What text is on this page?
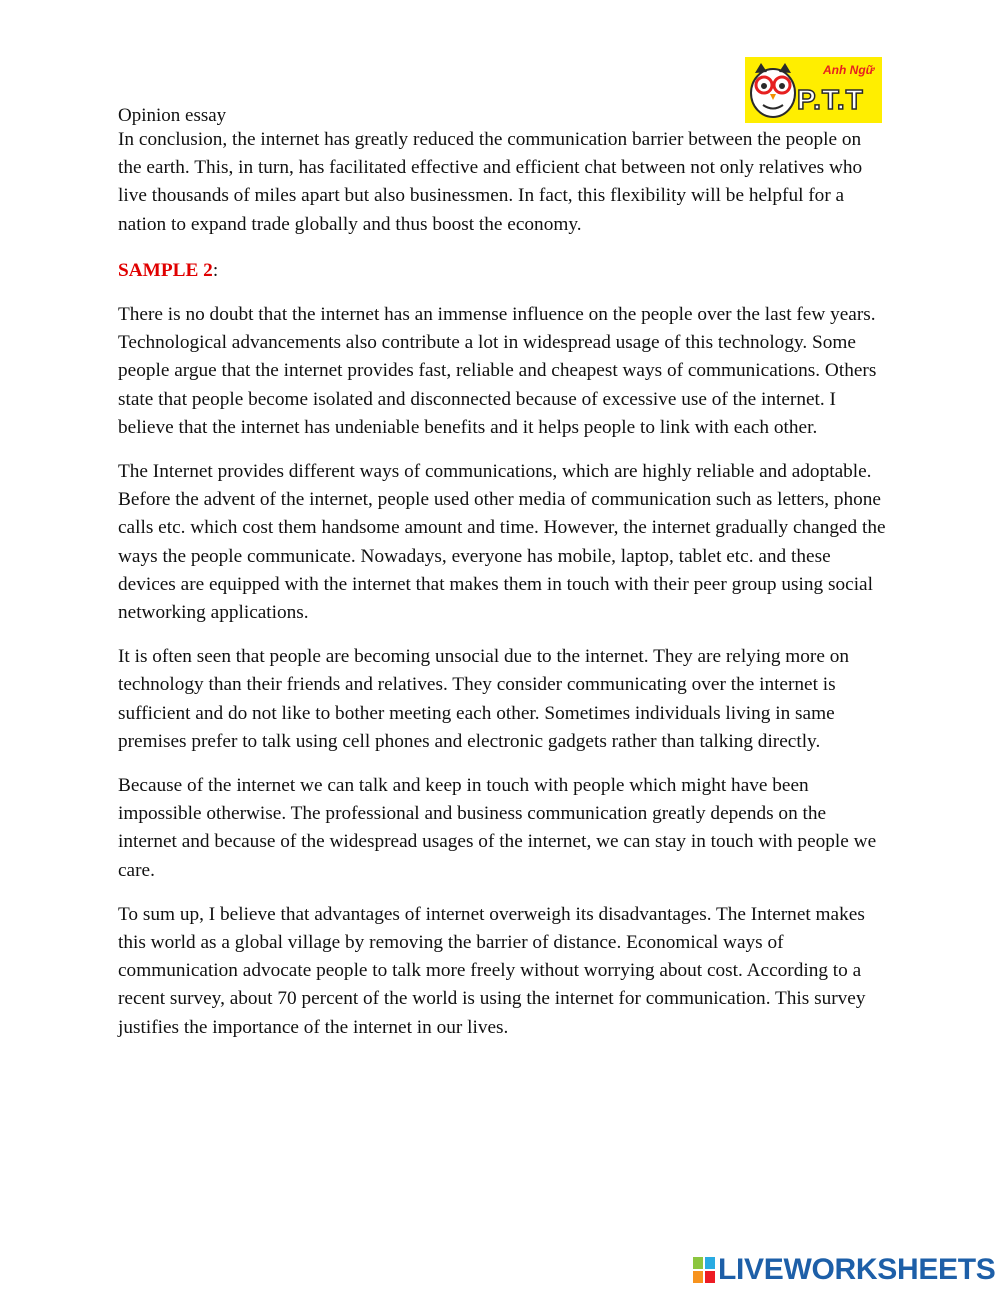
Anh Ngữ
P.T.T
Opinion essay

In conclusion, the internet has greatly reduced the communication barrier between the people on the earth. This, in turn, has facilitated effective and efficient chat between not only relatives who live thousands of miles apart but also businessmen. In fact, this flexibility will be helpful for a nation to expand trade globally and thus boost the economy.

SAMPLE 2:

There is no doubt that the internet has an immense influence on the people over the last few years. Technological advancements also contribute a lot in widespread usage of this technology. Some people argue that the internet provides fast, reliable and cheapest ways of communications. Others state that people become isolated and disconnected because of excessive use of the internet. I believe that the internet has undeniable benefits and it helps people to link with each other.

The Internet provides different ways of communications, which are highly reliable and adoptable. Before the advent of the internet, people used other media of communication such as letters, phone calls etc. which cost them handsome amount and time. However, the internet gradually changed the ways the people communicate. Nowadays, everyone has mobile, laptop, tablet etc. and these devices are equipped with the internet that makes them in touch with their peer group using social networking applications.

It is often seen that people are becoming unsocial due to the internet. They are relying more on technology than their friends and relatives. They consider communicating over the internet is sufficient and do not like to bother meeting each other. Sometimes individuals living in same premises prefer to talk using cell phones and electronic gadgets rather than talking directly.

Because of the internet we can talk and keep in touch with people which might have been impossible otherwise. The professional and business communication greatly depends on the internet and because of the widespread usages of the internet, we can stay in touch with people we care.

To sum up, I believe that advantages of internet overweigh its disadvantages. The Internet makes this world as a global village by removing the barrier of distance. Economical ways of communication advocate people to talk more freely without worrying about cost. According to a recent survey, about 70 percent of the world is using the internet for communication. This survey justifies the importance of the internet in our lives.

LIVEWORKSHEETS
